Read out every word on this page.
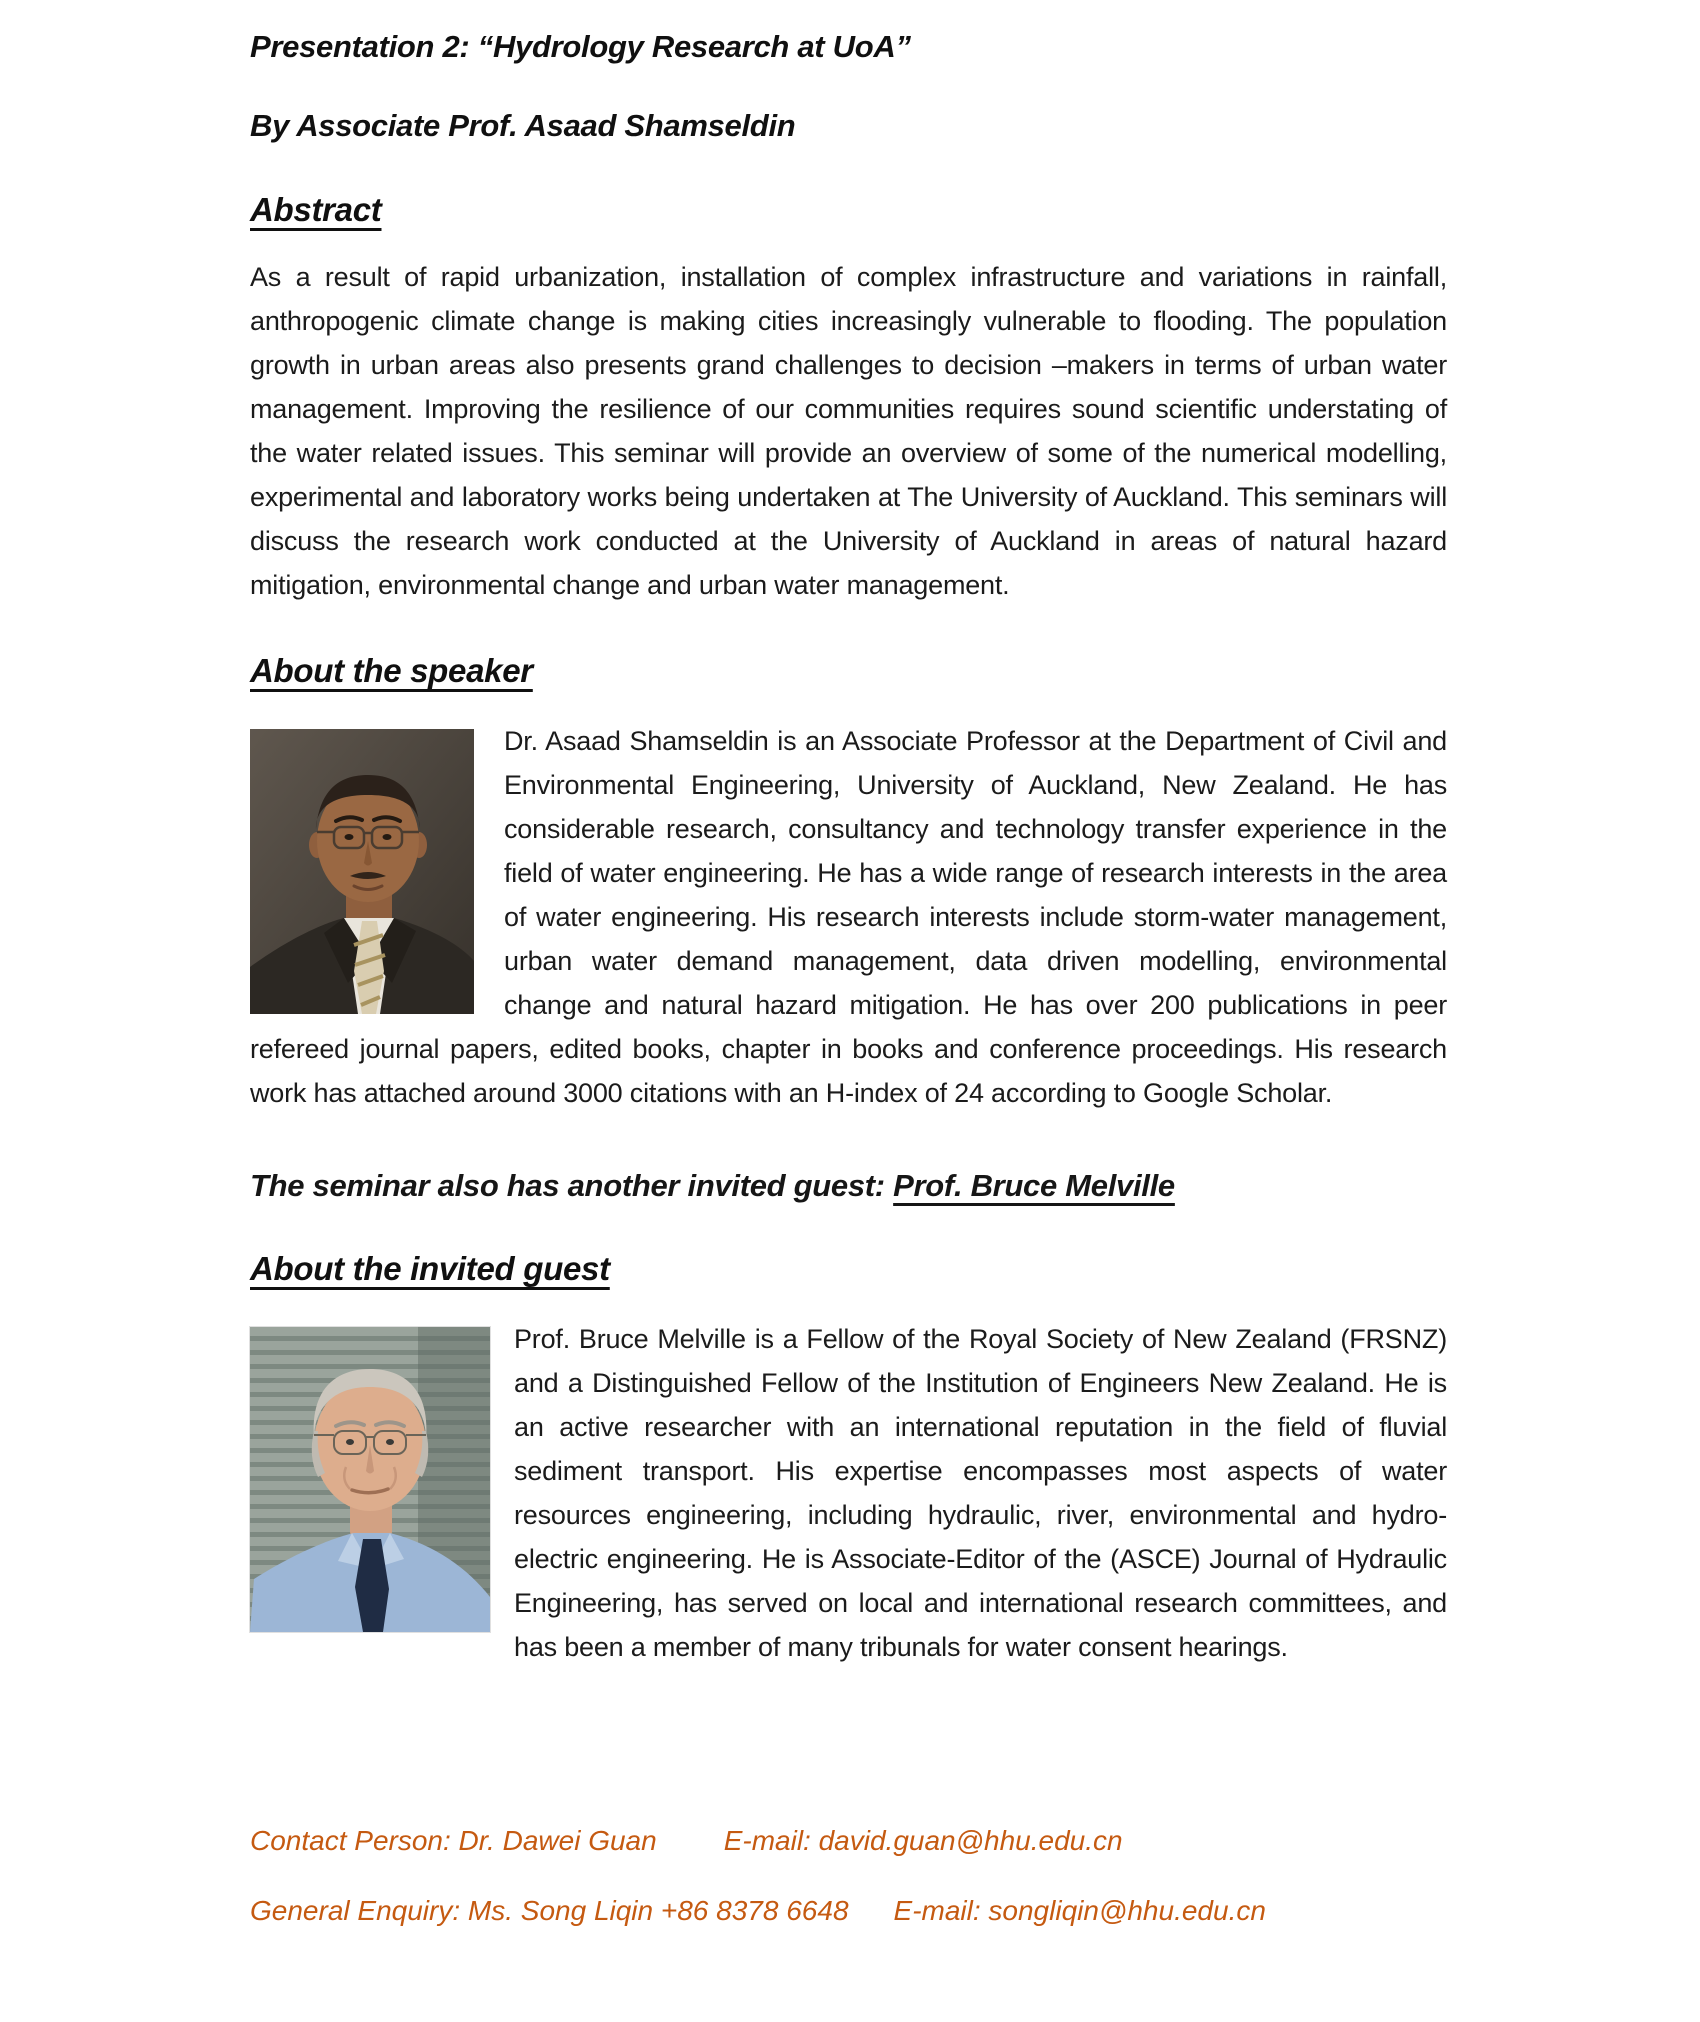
Presentation 2: “Hydrology Research at UoA”
By Associate Prof. Asaad Shamseldin
Abstract

As a result of rapid urbanization, installation of complex infrastructure and variations in rainfall, anthropogenic climate change is making cities increasingly vulnerable to flooding. The population growth in urban areas also presents grand challenges to decision –makers in terms of urban water management. Improving the resilience of our communities requires sound scientific understating of the water related issues. This seminar will provide an overview of some of the numerical modelling, experimental and laboratory works being undertaken at The University of Auckland. This seminars will discuss the research work conducted at the University of Auckland in areas of natural hazard mitigation, environmental change and urban water management.

About the speaker

Dr. Asaad Shamseldin is an Associate Professor at the Department of Civil and Environmental Engineering, University of Auckland, New Zealand. He has considerable research, consultancy and technology transfer experience in the field of water engineering. He has a wide range of research interests in the area of water engineering. His research interests include storm-water management, urban water demand management, data driven modelling, environmental change and natural hazard mitigation. He has over 200 publications in peer refereed journal papers, edited books, chapter in books and conference proceedings. His research work has attached around 3000 citations with an H-index of 24 according to Google Scholar.

The seminar also has another invited guest: Prof. Bruce Melville
About the invited guest

Prof. Bruce Melville is a Fellow of the Royal Society of New Zealand (FRSNZ) and a Distinguished Fellow of the Institution of Engineers New Zealand. He is an active researcher with an international reputation in the field of fluvial sediment transport. His expertise encompasses most aspects of water resources engineering, including hydraulic, river, environmental and hydro-electric engineering. He is Associate-Editor of the (ASCE) Journal of Hydraulic Engineering, has served on local and international research committees, and has been a member of many tribunals for water consent hearings.

Contact Person: Dr. Dawei Guan E-mail: david.guan@hhu.edu.cn

General Enquiry: Ms. Song Liqin +86 8378 6648 E-mail: songliqin@hhu.edu.cn
